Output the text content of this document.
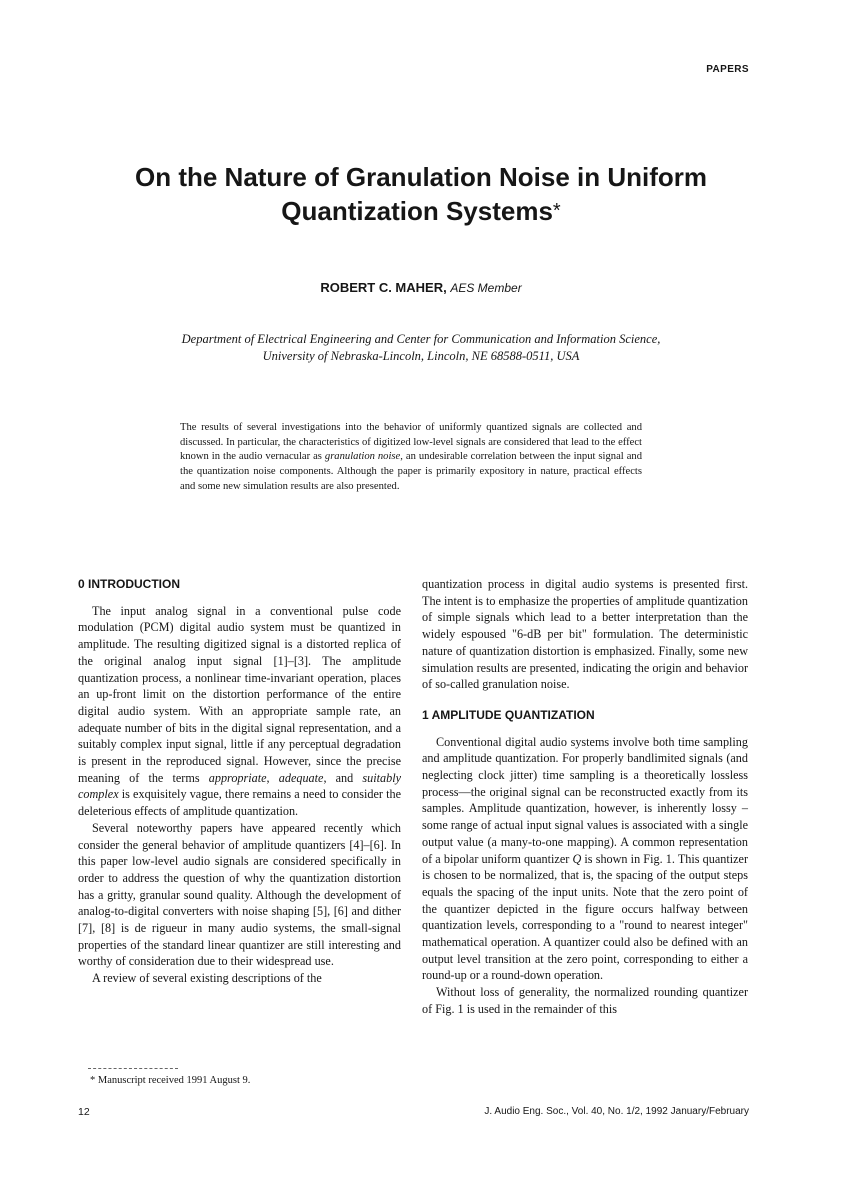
PAPERS
On the Nature of Granulation Noise in Uniform
Quantization Systems*
ROBERT C. MAHER, AES Member
Department of Electrical Engineering and Center for Communication and Information Science,
University of Nebraska-Lincoln, Lincoln, NE 68588-0511, USA
The results of several investigations into the behavior of uniformly quantized signals are collected and discussed. In particular, the characteristics of digitized low-level signals are considered that lead to the effect known in the audio vernacular as granulation noise, an undesirable correlation between the input signal and the quantization noise components. Although the paper is primarily expository in nature, practical effects and some new simulation results are also presented.
0 INTRODUCTION

The input analog signal in a conventional pulse code modulation (PCM) digital audio system must be quantized in amplitude. The resulting digitized signal is a distorted replica of the original analog input signal [1]–[3]. The amplitude quantization process, a nonlinear time-invariant operation, places an up-front limit on the distortion performance of the entire digital audio system. With an appropriate sample rate, an adequate number of bits in the digital signal representation, and a suitably complex input signal, little if any perceptual degradation is present in the reproduced signal. However, since the precise meaning of the terms appropriate, adequate, and suitably complex is exquisitely vague, there remains a need to consider the deleterious effects of amplitude quantization.

Several noteworthy papers have appeared recently which consider the general behavior of amplitude quantizers [4]–[6]. In this paper low-level audio signals are considered specifically in order to address the question of why the quantization distortion has a gritty, granular sound quality. Although the development of analog-to-digital converters with noise shaping [5], [6] and dither [7], [8] is de rigueur in many audio systems, the small-signal properties of the standard linear quantizer are still interesting and worthy of consideration due to their widespread use.

A review of several existing descriptions of the

* Manuscript received 1991 August 9.

quantization process in digital audio systems is presented first. The intent is to emphasize the properties of amplitude quantization of simple signals which lead to a better interpretation than the widely espoused "6-dB per bit" formulation. The deterministic nature of quantization distortion is emphasized. Finally, some new simulation results are presented, indicating the origin and behavior of so-called granulation noise.

1 AMPLITUDE QUANTIZATION

Conventional digital audio systems involve both time sampling and amplitude quantization. For properly bandlimited signals (and neglecting clock jitter) time sampling is a theoretically lossless process—the original signal can be reconstructed exactly from its samples. Amplitude quantization, however, is inherently lossy – some range of actual input signal values is associated with a single output value (a many-to-one mapping). A common representation of a bipolar uniform quantizer Q is shown in Fig. 1. This quantizer is chosen to be normalized, that is, the spacing of the output steps equals the spacing of the input units. Note that the zero point of the quantizer depicted in the figure occurs halfway between quantization levels, corresponding to a "round to nearest integer" mathematical operation. A quantizer could also be defined with an output level transition at the zero point, corresponding to either a round-up or a round-down operation.

Without loss of generality, the normalized rounding quantizer of Fig. 1 is used in the remainder of this

12	J. Audio Eng. Soc., Vol. 40, No. 1/2, 1992 January/February
